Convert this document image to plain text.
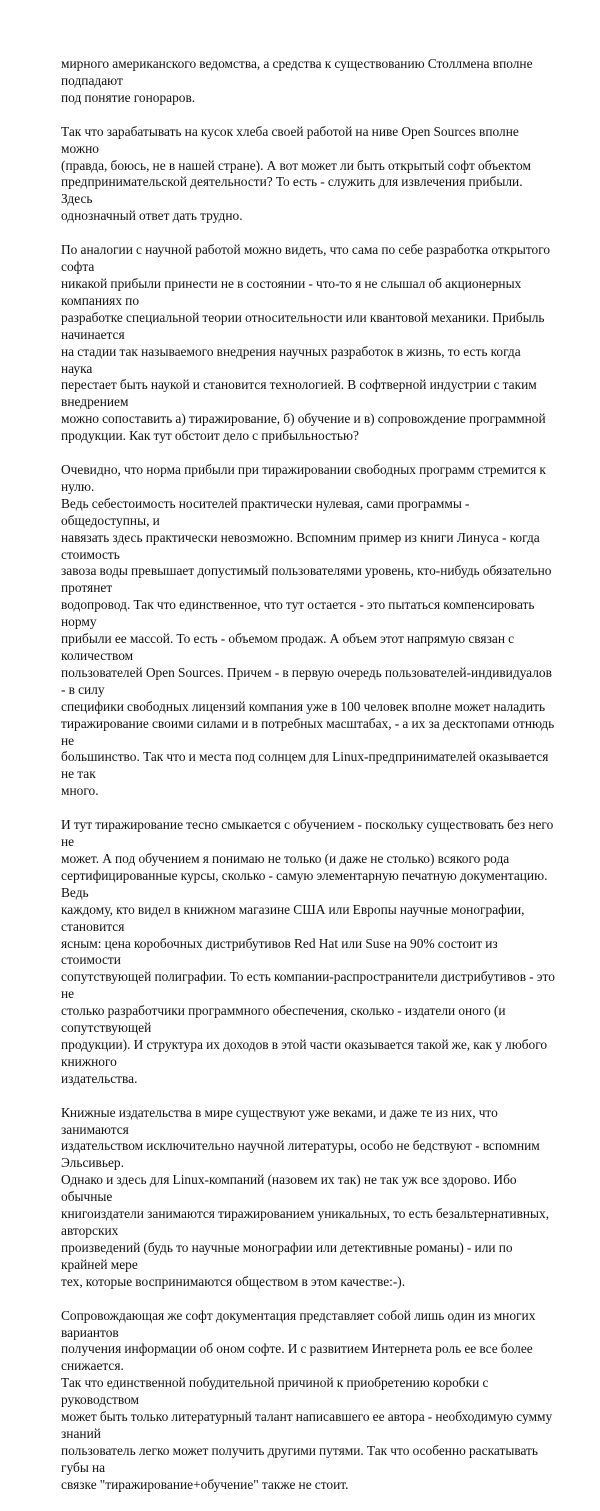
мирного американского ведомства, а средства к существованию Столлмена вполне подпадают
под понятие гонораров.

Так что зарабатывать на кусок хлеба своей работой на ниве Open Sources вполне можно
(правда, боюсь, не в нашей стране). А вот может ли быть открытый софт объектом
предпринимательской деятельности? То есть - служить для извлечения прибыли. Здесь
однозначный ответ дать трудно.

По аналогии с научной работой можно видеть, что сама по себе разработка открытого софта
никакой прибыли принести не в состоянии - что-то я не слышал об акционерных компаниях по
разработке специальной теории относительности или квантовой механики. Прибыль начинается
на стадии так называемого внедрения научных разработок в жизнь, то есть когда наука
перестает быть наукой и становится технологией. В софтверной индустрии с таким внедрением
можно сопоставить а) тиражирование, б) обучение и в) сопровождение программной
продукции. Как тут обстоит дело с прибыльностью?

Очевидно, что норма прибыли при тиражировании свободных программ стремится к нулю.
Ведь себестоимость носителей практически нулевая, сами программы - общедоступны, и
навязать здесь практически невозможно. Вспомним пример из книги Линуса - когда стоимость
завоза воды превышает допустимый пользователями уровень, кто-нибудь обязательно протянет
водопровод. Так что единственное, что тут остается - это пытаться компенсировать норму
прибыли ее массой. То есть - объемом продаж. А объем этот напрямую связан с количеством
пользователей Open Sources. Причем - в первую очередь пользователей-индивидуалов - в силу
специфики свободных лицензий компания уже в 100 человек вполне может наладить
тиражирование своими силами и в потребных масштабах, - а их за десктопами отнюдь не
большинство. Так что и места под солнцем для Linux-предпринимателей оказывается не так
много.

И тут тиражирование тесно смыкается с обучением - поскольку существовать без него не
может. А под обучением я понимаю не только (и даже не столько) всякого рода
сертифицированные курсы, сколько - самую элементарную печатную документацию. Ведь
каждому, кто видел в книжном магазине США или Европы научные монографии, становится
ясным: цена коробочных дистрибутивов Red Hat или Suse на 90% состоит из стоимости
сопутствующей полиграфии. То есть компании-распространители дистрибутивов - это не
столько разработчики программного обеспечения, сколько - издатели оного (и сопутствующей
продукции). И структура их доходов в этой части оказывается такой же, как у любого книжного
издательства.

Книжные издательства в мире существуют уже веками, и даже те из них, что занимаются
издательством исключительно научной литературы, особо не бедствуют - вспомним Эльсивьер.
Однако и здесь для Linux-компаний (назовем их так) не так уж все здорово. Ибо обычные
книгоиздатели занимаются тиражированием уникальных, то есть безальтернативных, авторских
произведений (будь то научные монографии или детективные романы) - или по крайней мере
тех, которые воспринимаются обществом в этом качестве:-).

Сопровождающая же софт документация представляет собой лишь один из многих вариантов
получения информации об оном софте. И с развитием Интернета роль ее все более снижается.
Так что единственной побудительной причиной к приобретению коробки с руководством
может быть только литературный талант написавшего ее автора - необходимую сумму знаний
пользователь легко может получить другими путями. Так что особенно раскатывать губы на
связке "тиражирование+обучение" также не стоит.
